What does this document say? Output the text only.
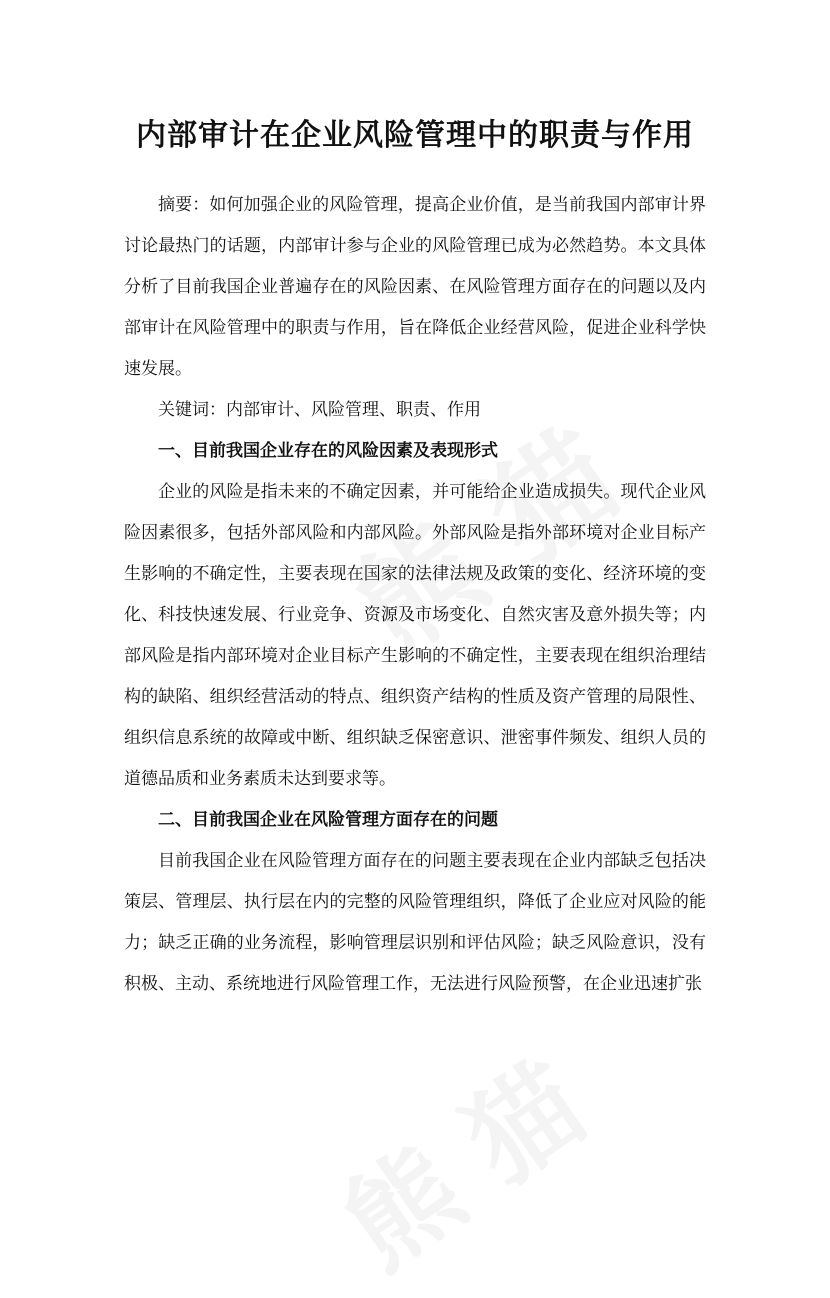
内部审计在企业风险管理中的职责与作用

摘要：如何加强企业的风险管理，提高企业价值，是当前我国内部审计界讨论最热门的话题，内部审计参与企业的风险管理已成为必然趋势。本文具体分析了目前我国企业普遍存在的风险因素、在风险管理方面存在的问题以及内部审计在风险管理中的职责与作用，旨在降低企业经营风险，促进企业科学快速发展。

关键词：内部审计、风险管理、职责、作用

一、目前我国企业存在的风险因素及表现形式

企业的风险是指未来的不确定因素，并可能给企业造成损失。现代企业风险因素很多，包括外部风险和内部风险。外部风险是指外部环境对企业目标产生影响的不确定性，主要表现在国家的法律法规及政策的变化、经济环境的变化、科技快速发展、行业竞争、资源及市场变化、自然灾害及意外损失等；内部风险是指内部环境对企业目标产生影响的不确定性，主要表现在组织治理结构的缺陷、组织经营活动的特点、组织资产结构的性质及资产管理的局限性、组织信息系统的故障或中断、组织缺乏保密意识、泄密事件频发、组织人员的道德品质和业务素质未达到要求等。

二、目前我国企业在风险管理方面存在的问题

目前我国企业在风险管理方面存在的问题主要表现在企业内部缺乏包括决策层、管理层、执行层在内的完整的风险管理组织，降低了企业应对风险的能力；缺乏正确的业务流程，影响管理层识别和评估风险；缺乏风险意识，没有积极、主动、系统地进行风险管理工作，无法进行风险预警，在企业迅速扩张
